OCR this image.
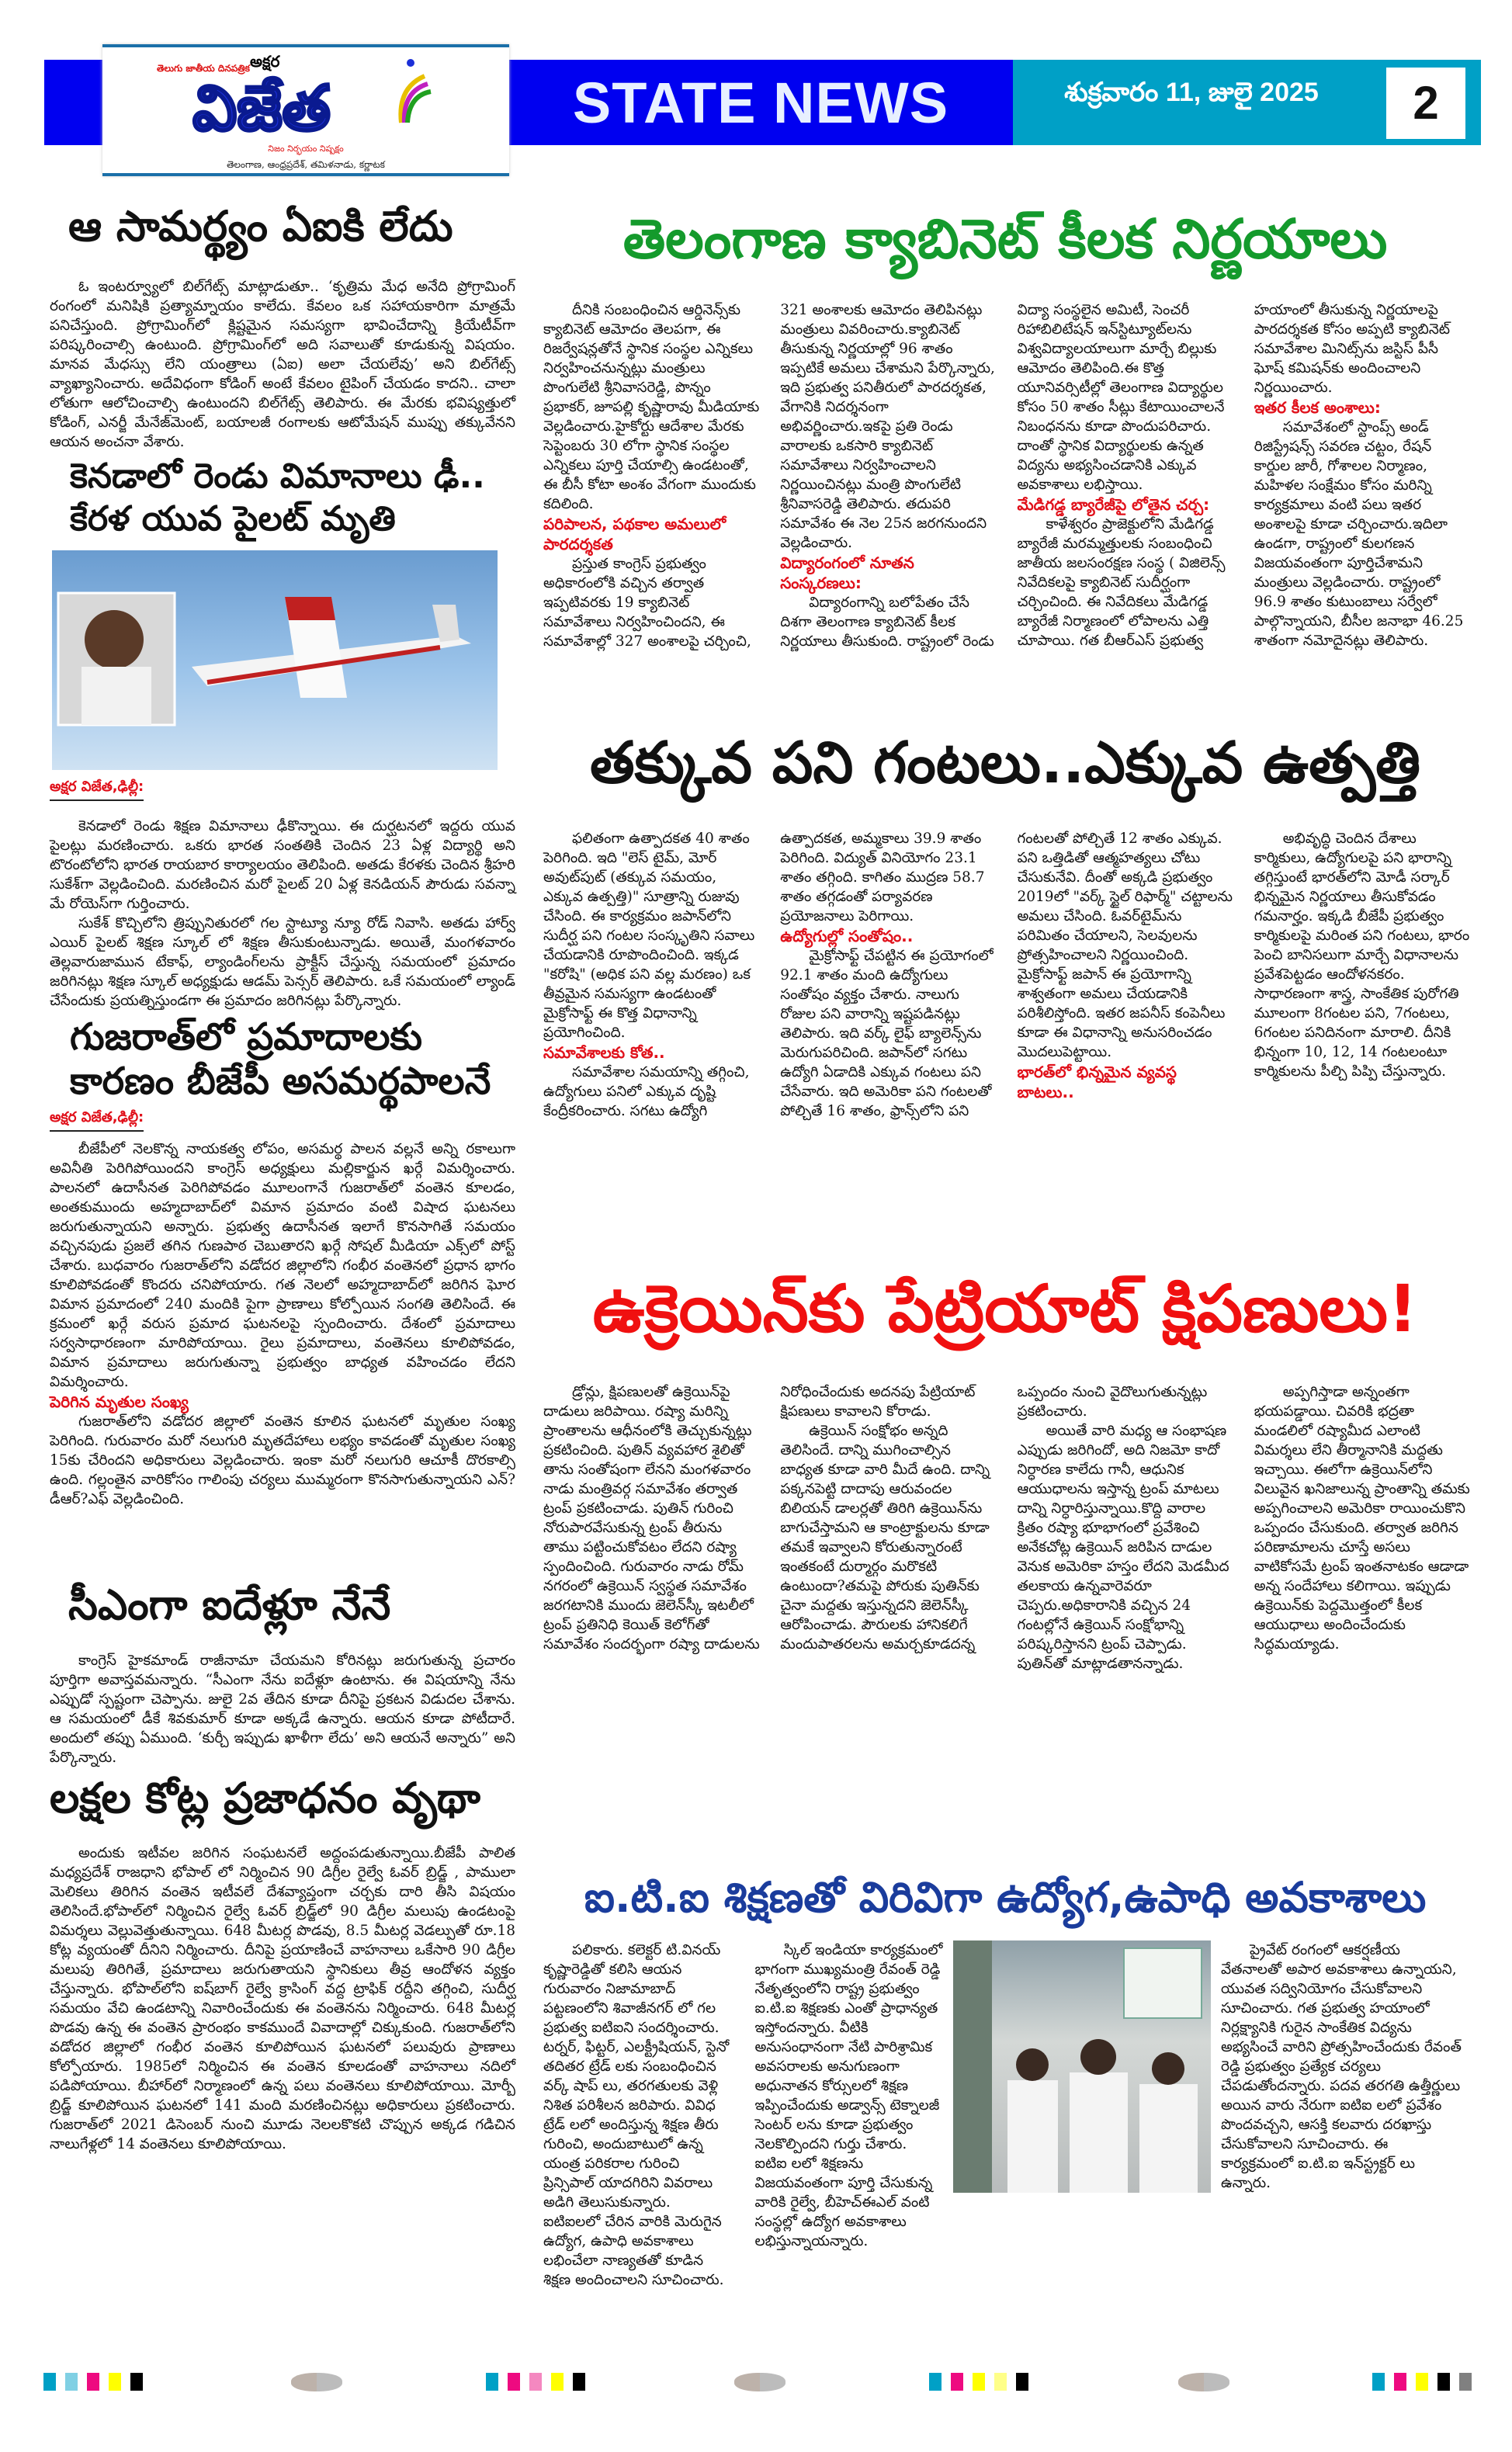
తెలుగు జాతీయ దినపత్రిక అక్షర
విజేత
నిజం నిర్భయం నిష్పక్షం
తెలంగాణ, ఆంధ్రప్రదేశ్, తమిళనాడు, కర్ణాటక
STATE NEWS	శుక్రవారం 11, జులై 2025	2
ఆ సామర్థ్యం ఏఐకి లేదు

ఓ ఇంటర్వ్యూలో బిల్‌గేట్స్ మాట్లాడుతూ.. ‘కృత్రిమ మేధ అనేది ప్రోగ్రామింగ్ రంగంలో మనిషికి ప్రత్యామ్నాయం కాలేదు. కేవలం ఒక సహాయకారిగా మాత్రమే పనిచేస్తుంది. ప్రోగ్రామింగ్‌లో క్లిష్టమైన సమస్యగా భావించేదాన్ని క్రియేటీవ్‌గా పరిష్కరించాల్సి ఉంటుంది. ప్రోగ్రామింగ్‌లో అది సవాలుతో కూడుకున్న విషయం. మానవ మేధస్సు లేని యంత్రాలు (ఏఐ) అలా చేయలేవు’ అని బిల్‌గేట్స్ వ్యాఖ్యానించారు. అదేవిధంగా కోడింగ్ అంటే కేవలం టైపింగ్ చేయడం కాదని.. చాలా లోతుగా ఆలోచించాల్సి ఉంటుందని బిల్‌గేట్స్ తెలిపారు. ఈ మేరకు భవిష్యత్తులో కోడింగ్, ఎనర్జీ మేనేజ్‌మెంట్, బయాలజీ రంగాలకు ఆటోమేషన్ ముప్పు తక్కువేనని ఆయన అంచనా వేశారు.

కెనడాలో రెండు విమానాలు ఢీ..
కేరళ యువ పైలట్ మృతి
అక్షర విజేత,ఢిల్లీ:

కెనడాలో రెండు శిక్షణ విమానాలు ఢీకొన్నాయి. ఈ దుర్ఘటనలో ఇద్దరు యువ పైలట్లు మరణించారు. ఒకరు భారత సంతతికి చెందిన 23 ఏళ్ల విద్యార్థి అని టొరంటోలోని భారత రాయబార కార్యాలయం తెలిపింది. అతడు కేరళకు చెందిన శ్రీహరి సుకేశ్‌గా వెల్లడించింది. మరణించిన మరో పైలట్ 20 ఏళ్ల కెనడియన్ పౌరుడు సవన్నా మే రోయెస్‌గా గుర్తించారు.

సుకేశ్ కొచ్చిలోని త్రిప్పునితురలో గల స్టాట్యూ న్యూ రోడ్ నివాసి. అతడు హార్వ్ ఎయిర్ పైలట్ శిక్షణ స్కూల్ లో శిక్షణ తీసుకుంటున్నాడు. అయితే, మంగళవారం తెల్లవారుజామున టేకాఫ్, ల్యాండింగ్‌లను ప్రాక్టీస్ చేస్తున్న సమయంలో ప్రమాదం జరిగినట్లు శిక్షణ స్కూల్ అధ్యక్షుడు ఆడమ్ పెన్సర్ తెలిపారు. ఒకే సమయంలో ల్యాండ్ చేసేందుకు ప్రయత్నిస్తుండగా ఈ ప్రమాదం జరిగినట్లు పేర్కొన్నారు.

గుజరాత్‌లో ప్రమాదాలకు
కారణం బీజేపీ అసమర్థపాలనే
అక్షర విజేత,ఢిల్లీ:

బీజేపీలో నెలకొన్న నాయకత్వ లోపం, అసమర్థ పాలన వల్లనే అన్ని రకాలుగా అవినీతి పెరిగిపోయిందని కాంగ్రెస్ అధ్యక్షులు మల్లికార్జున ఖర్గే విమర్శించారు. పాలనలో ఉదాసీనత పెరిగిపోవడం మూలంగానే గుజరాత్‌లో వంతెన కూలడం, అంతకుముందు అహ్మదాబాద్‌లో విమాన ప్రమాదం వంటి విషాద ఘటనలు జరుగుతున్నాయని అన్నారు. ప్రభుత్వ ఉదాసీనత ఇలాగే కొనసాగితే సమయం వచ్చినపుడు ప్రజలే తగిన గుణపాఠ చెబుతారని ఖర్గే సోషల్ మీడియా ఎక్స్‌లో పోస్ట్ చేశారు. బుధవారం గుజరాత్‌లోని వడోదర జిల్లాలోని గంభీర వంతెనలో ప్రధాన భాగం కూలిపోవడంతో కొందరు చనిపోయారు. గత నెలలో అహ్మదాబాద్‌లో జరిగిన ఘోర విమాన ప్రమాదంలో 240 మందికి పైగా ప్రాణాలు కోల్పోయిన సంగతి తెలిసిందే. ఈ క్రమంలో ఖర్గే వరుస ప్రమాద ఘటనలపై స్పందించారు. దేశంలో ప్రమాదాలు సర్వసాధారణంగా మారిపోయాయి. రైలు ప్రమాదాలు, వంతెనలు కూలిపోవడం, విమాన ప్రమాదాలు జరుగుతున్నా ప్రభుత్వం బాధ్యత వహించడం లేదని విమర్శించారు.

పెరిగిన మృతుల సంఖ్య

గుజరాత్‌లోని వడోదర జిల్లాలో వంతెన కూలిన ఘటనలో మృతుల సంఖ్య పెరిగింది. గురువారం మరో నలుగురి మృతదేహాలు లభ్యం కావడంతో మృతుల సంఖ్య 15కు చేరిందని అధికారులు వెల్లడించారు. ఇంకా మరో నలుగురి ఆచూకీ దొరకాల్సి ఉంది. గల్లంతైన వారికోసం గాలింపు చర్యలు ముమ్మరంగా కొనసాగుతున్నాయని ఎన్?డీఆర్?ఎఫ్ వెల్లడించింది.

సీఎంగా ఐదేళ్లూ నేనే

కాంగ్రెస్ హైకమాండ్ రాజీనామా చేయమని కోరినట్లు జరుగుతున్న ప్రచారం పూర్తిగా అవాస్తవమన్నారు. “సీఎంగా నేను ఐదేళ్లూ ఉంటాను. ఈ విషయాన్ని నేను ఎప్పుడో స్పష్టంగా చెప్పాను. జులై 2వ తేదిన కూడా దీనిపై ప్రకటన విడుదల చేశాను. ఆ సమయంలో డీకే శివకుమార్ కూడా అక్కడే ఉన్నారు. ఆయన కూడా పోటీదారే. అందులో తప్పు ఏముంది. ‘కుర్చీ ఇప్పుడు ఖాళీగా లేదు’ అని ఆయనే అన్నారు” అని పేర్కొన్నారు.

లక్షల కోట్ల ప్రజాధనం వృథా

అందుకు ఇటీవల జరిగిన సంఘటనలే అద్దంపడుతున్నాయి.బీజేపీ పాలిత మధ్యప్రదేశ్ రాజధాని భోపాల్ లో నిర్మించిన 90 డిగ్రీల రైల్వే ఓవర్ బ్రిడ్జ్ , పాములా మెలికలు తిరిగిన వంతెన ఇటీవలే దేశవ్యాప్తంగా చర్చకు దారి తీసి విషయం తెలిసిందే.భోపాల్‌లో నిర్మించిన రైల్వే ఓవర్ బ్రిడ్జ్‌లో 90 డిగ్రీల మలుపు ఉండటంపై విమర్శలు వెల్లువెత్తుతున్నాయి. 648 మీటర్ల పొడవు, 8.5 మీటర్ల వెడల్పుతో రూ.18 కోట్ల వ్యయంతో దీనిని నిర్మించారు. దీనిపై ప్రయాణించే వాహనాలు ఒకేసారి 90 డిగ్రీల మలుపు తిరిగితే, ప్రమాదాలు జరుగుతాయని స్థానికులు తీవ్ర ఆందోళన వ్యక్తం చేస్తున్నారు. భోపాల్‌లోని ఐష్‌బాగ్ రైల్వే క్రాసింగ్ వద్ద ట్రాఫిక్ రద్దీని తగ్గించి, సుదీర్ఘ సమయం వేచి ఉండటాన్ని నివారించేందుకు ఈ వంతెనను నిర్మించారు. 648 మీటర్ల పొడవు ఉన్న ఈ వంతెన ప్రారంభం కాకముందే వివాదాల్లో చిక్కుకుంది. గుజరాత్‌లోని వడోదర జిల్లాలో గంభీర వంతెన కూలిపోయిన ఘటనలో పలువురు ప్రాణాలు కోల్పోయారు. 1985లో నిర్మించిన ఈ వంతెన కూలడంతో వాహనాలు నదిలో పడిపోయాయి. బీహార్‌లో నిర్మాణంలో ఉన్న పలు వంతెనలు కూలిపోయాయి. మోర్బీ బ్రిడ్జ్ కూలిపోయిన ఘటనలో 141 మంది మరణించినట్లు అధికారులు ప్రకటించారు. గుజరాత్‌లో 2021 డిసెంబర్ నుంచి మూడు నెలలకొకటి చొప్పున అక్కడ గడిచిన నాలుగేళ్లలో 14 వంతెనలు కూలిపోయాయి.

తెలంగాణ క్యాబినెట్ కీలక నిర్ణయాలు

దీనికి సంబంధించిన ఆర్డినెన్స్‌కు క్యాబినెట్ ఆమోదం తెలపగా, ఈ రిజర్వేషన్లతోనే స్థానిక సంస్థల ఎన్నికలు నిర్వహించనున్నట్లు మంత్రులు పొంగులేటి శ్రీనివాసరెడ్డి, పొన్నం ప్రభాకర్, జూపల్లి కృష్ణారావు మీడియాకు వెల్లడించారు.హైకోర్టు ఆదేశాల మేరకు సెప్టెంబరు 30 లోగా స్థానిక సంస్థల ఎన్నికలు పూర్తి చేయాల్సి ఉండటంతో, ఈ బీసీ కోటా అంశం వేగంగా ముందుకు కదిలింది.

పరిపాలన, పథకాల అమలులో పారదర్శకత

ప్రస్తుత కాంగ్రెస్ ప్రభుత్వం అధికారంలోకి వచ్చిన తర్వాత ఇప్పటివరకు 19 క్యాబినెట్ సమావేశాలు నిర్వహించిందని, ఈ సమావేశాల్లో 327 అంశాలపై చర్చించి, 321 అంశాలకు ఆమోదం తెలిపినట్లు మంత్రులు వివరించారు.క్యాబినెట్ తీసుకున్న నిర్ణయాల్లో 96 శాతం ఇప్పటికే అమలు చేశామని పేర్కొన్నారు, ఇది ప్రభుత్వ పనితీరులో పారదర్శకత, వేగానికి నిదర్శనంగా అభివర్ణించారు.ఇకపై ప్రతి రెండు వారాలకు ఒకసారి క్యాబినెట్ సమావేశాలు నిర్వహించాలని నిర్ణయించినట్లు మంత్రి పొంగులేటి శ్రీనివాసరెడ్డి తెలిపారు. తదుపరి సమావేశం ఈ నెల 25న జరగనుందని వెల్లడించారు.

విద్యారంగంలో నూతన సంస్కరణలు:

విద్యారంగాన్ని బలోపేతం చేసే దిశగా తెలంగాణ క్యాబినెట్ కీలక నిర్ణయాలు తీసుకుంది. రాష్ట్రంలో రెండు విద్యా సంస్థలైన అమిటీ, సెంచరీ రిహాబిలిటేషన్ ఇన్‌స్టిట్యూట్‌లను విశ్వవిద్యాలయాలుగా మార్చే బిల్లుకు ఆమోదం తెలిపింది.ఈ కొత్త యూనివర్సిటీల్లో తెలంగాణ విద్యార్థుల కోసం 50 శాతం సీట్లు కేటాయించాలనే నిబంధనను కూడా పొందుపరిచారు. దాంతో స్థానిక విద్యార్థులకు ఉన్నత విద్యను అభ్యసించడానికి ఎక్కువ అవకాశాలు లభిస్తాయి.

మేడిగడ్డ బ్యారేజీపై లోతైన చర్చ:

కాళేశ్వరం ప్రాజెక్టులోని మేడిగడ్డ బ్యారేజీ మరమ్మత్తులకు సంబంధించి జాతీయ జలసంరక్షణ సంస్థ ( విజిలెన్స్ నివేదికలపై క్యాబినెట్ సుదీర్ఘంగా చర్చించింది. ఈ నివేదికలు మేడిగడ్డ బ్యారేజీ నిర్మాణంలో లోపాలను ఎత్తి చూపాయి. గత బీఆర్ఎస్ ప్రభుత్వ హయాంలో తీసుకున్న నిర్ణయాలపై పారదర్శకత కోసం అప్పటి క్యాబినెట్ సమావేశాల మినిట్స్‌ను జస్టిస్ పీసీ ఘోష్ కమిషన్‌కు అందించాలని నిర్ణయించారు.

ఇతర కీలక అంశాలు:

సమావేశంలో స్టాంప్స్ అండ్ రిజిస్ట్రేషన్స్ సవరణ చట్టం, రేషన్ కార్డుల జారీ, గోశాలల నిర్మాణం, మహిళల సంక్షేమం కోసం మరిన్ని కార్యక్రమాలు వంటి పలు ఇతర అంశాలపై కూడా చర్చించారు.ఇదిలా ఉండగా, రాష్ట్రంలో కులగణన విజయవంతంగా పూర్తిచేశామని మంత్రులు వెల్లడించారు. రాష్ట్రంలో 96.9 శాతం కుటుంబాలు సర్వేలో పాల్గొన్నాయని, బీసీల జనాభా 46.25 శాతంగా నమోదైనట్లు తెలిపారు.

తక్కువ పని గంటలు..ఎక్కువ ఉత్పత్తి

ఫలితంగా ఉత్పాదకత 40 శాతం పెరిగింది. ఇది "లెస్ టైమ్, మోర్ అవుట్‌పుట్ (తక్కువ సమయం, ఎక్కువ ఉత్పత్తి)" సూత్రాన్ని రుజువు చేసింది. ఈ కార్యక్రమం జపాన్‌లోని సుదీర్ఘ పని గంటల సంస్కృతిని సవాలు చేయడానికి రూపొందించింది. ఇక్కడ "కరోషి" (అధిక పని వల్ల మరణం) ఒక తీవ్రమైన సమస్యగా ఉండటంతో మైక్రోసాఫ్ట్ ఈ కొత్త విధానాన్ని ప్రయోగించింది.

సమావేశాలకు కోత..

సమావేశాల సమయాన్ని తగ్గించి, ఉద్యోగులు పనిలో ఎక్కువ దృష్టి కేంద్రీకరించారు. సగటు ఉద్యోగి ఉత్పాదకత, అమ్మకాలు 39.9 శాతం పెరిగింది. విద్యుత్ వినియోగం 23.1 శాతం తగ్గింది. కాగితం ముద్రణ 58.7 శాతం తగ్గడంతో పర్యావరణ ప్రయోజనాలు పెరిగాయి.

ఉద్యోగుల్లో సంతోషం..

మైక్రోసాఫ్ట్ చేపట్టిన ఈ ప్రయోగంలో 92.1 శాతం మంది ఉద్యోగులు సంతోషం వ్యక్తం చేశారు. నాలుగు రోజుల పని వారాన్ని ఇష్టపడినట్లు తెలిపారు. ఇది వర్క్ లైఫ్ బ్యాలెన్స్‌ను మెరుగుపరిచింది. జపాన్‌లో సగటు ఉద్యోగి ఏడాదికి ఎక్కువ గంటలు పని చేసేవారు. ఇది అమెరికా పని గంటలతో పోల్చితే 16 శాతం, ఫ్రాన్స్‌లోని పని గంటలతో పోల్చితే 12 శాతం ఎక్కువ. పని ఒత్తిడితో ఆత్మహత్యలు చోటు చేసుకునేవి. దీంతో అక్కడి ప్రభుత్వం 2019లో "వర్క్ స్టైల్ రిఫార్మ్" చట్టాలను అమలు చేసింది. ఓవర్‌టైమ్‌ను పరిమితం చేయాలని, సెలవులను ప్రోత్సహించాలని నిర్ణయించింది. మైక్రోసాఫ్ట్ జపాన్ ఈ ప్రయోగాన్ని శాశ్వతంగా అమలు చేయడానికి పరిశీలిస్తోంది. ఇతర జపనీస్ కంపెనీలు కూడా ఈ విధానాన్ని అనుసరించడం మొదలుపెట్టాయి.

భారత్‌లో భిన్నమైన వ్యవస్థ బాటలు..

అభివృద్ధి చెందిన దేశాలు కార్మికులు, ఉద్యోగులపై పని భారాన్ని తగ్గిస్తుంటే భారత్‌లోని మోడీ సర్కార్ భిన్నమైన నిర్ణయాలు తీసుకోవడం గమనార్హం. ఇక్కడి బీజేపీ ప్రభుత్వం కార్మికులపై మరింత పని గంటలు, భారం పెంచి బానిసలుగా మార్చే విధానాలను ప్రవేశపెట్టడం ఆందోళనకరం. సాధారణంగా శాస్త్ర, సాంకేతిక పురోగతి మూలంగా 8గంటల పని, 7గంటలు, 6గంటల పనిదినంగా మారాలి. దీనికి భిన్నంగా 10, 12, 14 గంటలంటూ కార్మికులను పీల్చి పిప్పి చేస్తున్నారు.

ఉక్రెయిన్‌కు పేట్రియాట్ క్షిపణులు!

డ్రోన్లు, క్షిపణులతో ఉక్రెయిన్‌పై దాడులు జరిపాయి. రష్యా మరిన్ని ప్రాంతాలను ఆధీనంలోకి తెచ్చుకున్నట్లు ప్రకటించింది. పుతిన్ వ్యవహార శైలితో తాను సంతోషంగా లేనని మంగళవారం నాడు మంత్రివర్గ సమావేశం తర్వాత ట్రంప్ ప్రకటించాడు. పుతిన్ గురించి నోరుపారవేసుకున్న ట్రంప్ తీరును తాము పట్టించుకోవటం లేదని రష్యా స్పందించింది. గురువారం నాడు రోమ్ నగరంలో ఉక్రెయిన్ స్వస్థత సమావేశం జరగటానికి ముందు జెలెన్‌స్కీ ఇటలీలో ట్రంప్ ప్రతినిధి కెయిత్ కెలోగ్‌తో సమావేశం సందర్భంగా రష్యా దాడులను నిరోధించేందుకు అదనపు పేట్రియాట్ క్షిపణులు కావాలని కోరాడు.

ఉక్రెయిన్ సంక్షోభం అన్నది తెలిసిందే. దాన్ని ముగించాల్సిన బాధ్యత కూడా వారి మీదే ఉంది. దాన్ని పక్కనపెట్టి దాదాపు ఆరువందల బిలియన్ డాలర్లతో తిరిగి ఉక్రెయిన్‌ను బాగుచేస్తామని ఆ కాంట్రాక్టులను కూడా తమకే ఇవ్వాలని కోరుతున్నారంటే ఇంతకంటే దుర్మార్గం మరొకటి ఉంటుందా?తమపై పోరుకు పుతిన్‌కు చైనా మద్దతు ఇస్తున్నదని జెలెన్‌స్కీ ఆరోపించాడు. పౌరులకు హానికలిగే మందుపాతరలను అమర్చకూడదన్న ఒప్పందం నుంచి వైదొలుగుతున్నట్లు ప్రకటించారు.

అయితే వారి మధ్య ఆ సంభాషణ ఎప్పుడు జరిగిందో, అది నిజమో కాదో నిర్ధారణ కాలేదు గానీ, ఆధునిక ఆయుధాలను ఇస్తాన్న ట్రంప్ మాటలు దాన్ని నిర్ధారిస్తున్నాయి.కొద్ది వారాల క్రితం రష్యా భూభాగంలో ప్రవేశించి అనేకచోట్ల ఉక్రెయిన్ జరిపిన దాడుల వెనుక అమెరికా హస్తం లేదని మెడమీద తలకాయ ఉన్నవారెవరూ చెప్పరు.అధికారానికి వచ్చిన 24 గంటల్లోనే ఉక్రెయిన్ సంక్షోభాన్ని పరిష్కరిస్తానని ట్రంప్ చెప్పాడు. పుతిన్‌తో మాట్లాడతానన్నాడు.

అప్పగిస్తాడా అన్నంతగా భయపడ్డాయి. చివరికి భద్రతా మండలిలో రష్యామీద ఎలాంటి విమర్శలు లేని తీర్మానానికి మద్దతు ఇచ్చాయి. ఈలోగా ఉక్రెయిన్‌లోని విలువైన ఖనిజాలున్న ప్రాంతాన్ని తమకు అప్పగించాలని అమెరికా రాయించుకొని ఒప్పందం చేసుకుంది. తర్వాత జరిగిన పరిణామాలను చూస్తే అసలు వాటికోసమే ట్రంప్ ఇంతనాటకం ఆడాడా అన్న సందేహాలు కలిగాయి. ఇప్పుడు ఉక్రెయిన్‌కు పెద్దమొత్తంలో కీలక ఆయుధాలు అందించేందుకు సిద్ధమయ్యాడు.

ఐ.టి.ఐ శిక్షణతో విరివిగా ఉద్యోగ,ఉపాధి అవకాశాలు

పలికారు. కలెక్టర్ టి.వినయ్ కృష్ణారెడ్డితో కలిసి ఆయన గురువారం నిజామాబాద్ పట్టణంలోని శివాజీనగర్ లో గల ప్రభుత్వ ఐటిఐని సందర్శించారు. టర్నర్, ఫిట్టర్, ఎలక్ట్రీషియన్, స్టెనో తదితర ట్రేడ్ లకు సంబంధించిన వర్క్ షాప్ లు, తరగతులకు వెళ్లి నిశిత పరిశీలన జరిపారు. వివిధ ట్రేడ్ లలో అందిస్తున్న శిక్షణ తీరు గురించి, అందుబాటులో ఉన్న యంత్ర పరికరాల గురించి ప్రిన్సిపాల్ యాదగిరిని వివరాలు అడిగి తెలుసుకున్నారు. ఐటిఐలలో చేరిన వారికి మెరుగైన ఉద్యోగ, ఉపాధి అవకాశాలు లభించేలా నాణ్యతతో కూడిన శిక్షణ అందించాలని సూచించారు.

స్కిల్ ఇండియా కార్యక్రమంలో భాగంగా ముఖ్యమంత్రి రేవంత్ రెడ్డి నేతృత్వంలోని రాష్ట్ర ప్రభుత్వం ఐ.టి.ఐ శిక్షణకు ఎంతో ప్రాధాన్యత ఇస్తోందన్నారు. వీటికి అనుసంధానంగా నేటి పారిశ్రామిక అవసరాలకు అనుగుణంగా అధునాతన కోర్సులలో శిక్షణ ఇప్పించేందుకు అడ్వాన్స్ టెక్నాలజీ సెంటర్ లను కూడా ప్రభుత్వం నెలకొల్పిందని గుర్తు చేశారు. ఐటిఐ లలో శిక్షణను విజయవంతంగా పూర్తి చేసుకున్న వారికి రైల్వే, బీహెచ్ఈఎల్ వంటి సంస్థల్లో ఉద్యోగ అవకాశాలు లభిస్తున్నాయన్నారు.

ప్రైవేట్ రంగంలో ఆకర్షణీయ వేతనాలతో అపార అవకాశాలు ఉన్నాయని, యువత సద్వినియోగం చేసుకోవాలని సూచించారు. గత ప్రభుత్వ హయాంలో నిర్లక్ష్యానికి గురైన సాంకేతిక విద్యను అభ్యసించే వారిని ప్రోత్సహించేందుకు రేవంత్ రెడ్డి ప్రభుత్వం ప్రత్యేక చర్యలు చేపడుతోందన్నారు. పదవ తరగతి ఉత్తీర్ణులు అయిన వారు నేరుగా ఐటిఐ లలో ప్రవేశం పొందవచ్చని, ఆసక్తి కలవారు దరఖాస్తు చేసుకోవాలని సూచించారు. ఈ కార్యక్రమంలో ఐ.టి.ఐ ఇన్‌స్ట్రక్టర్ లు ఉన్నారు.
